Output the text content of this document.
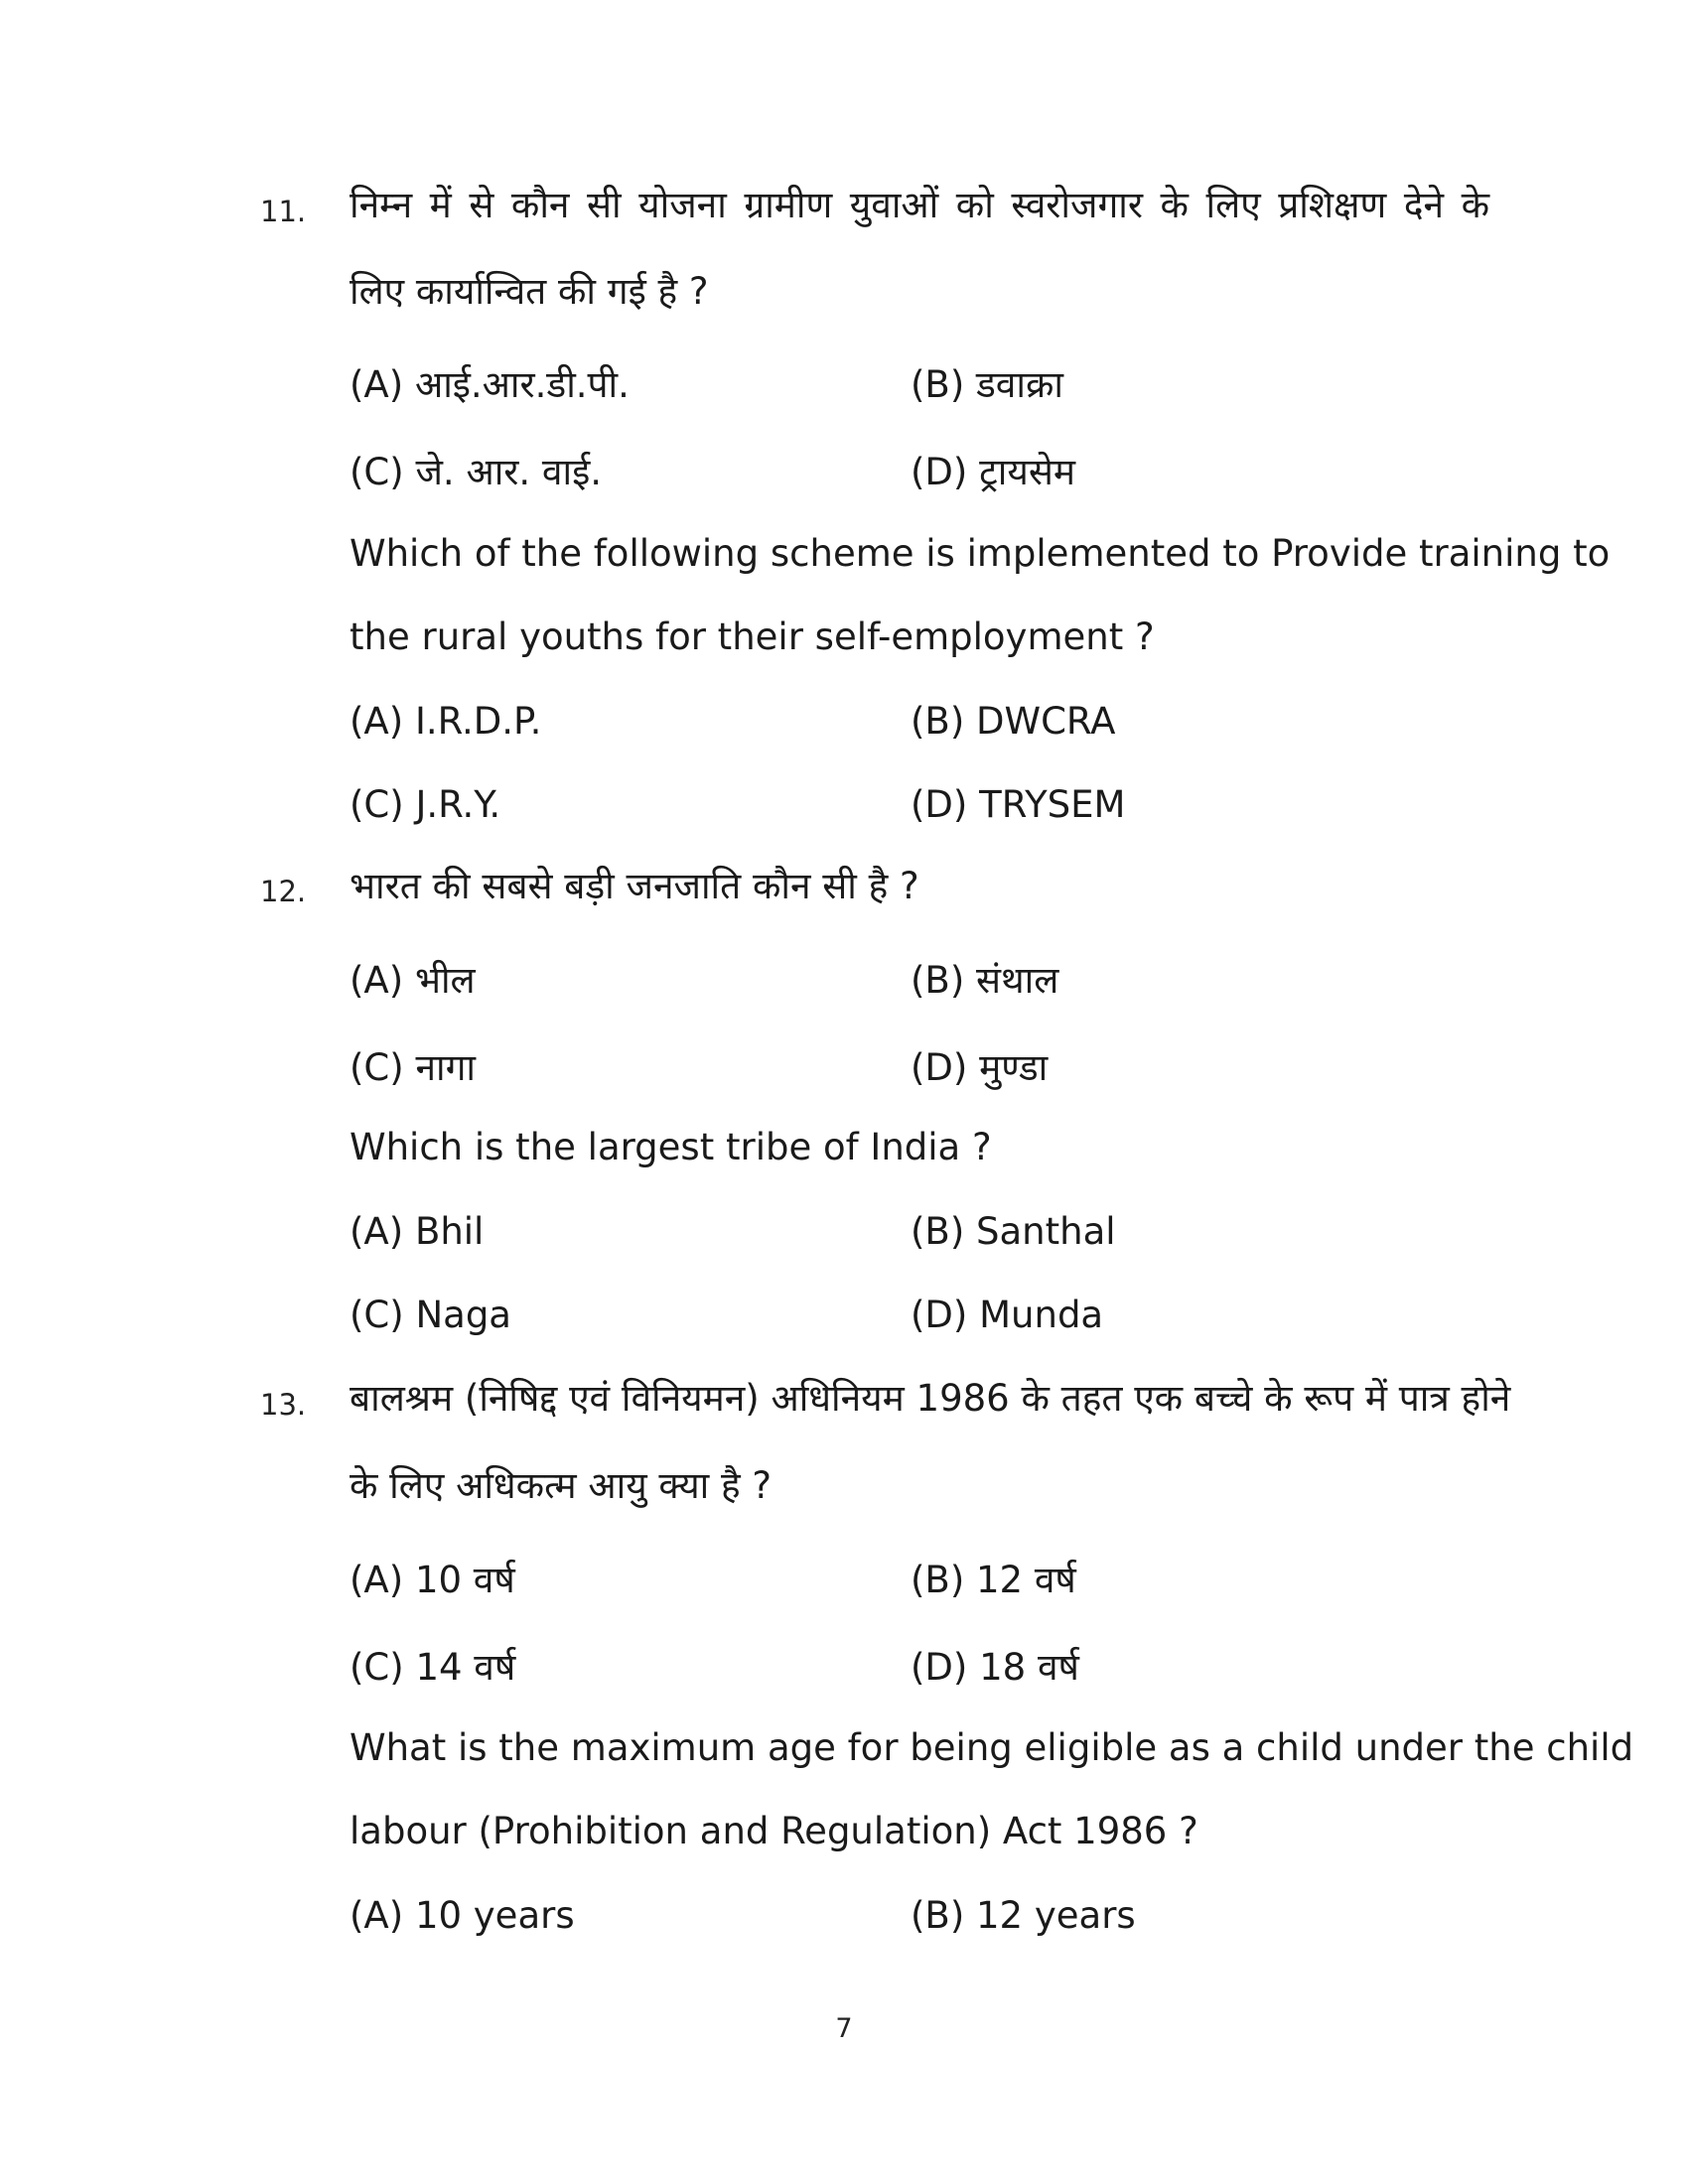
11.	निम्न में से कौन सी योजना ग्रामीण युवाओं को स्वरोजगार के लिए प्रशिक्षण देने के
लिए कार्यान्वित की गई है ?
(A) आई.आर.डी.पी.	(B) डवाक्रा
(C) जे. आर. वाई.	(D) ट्रायसेम
Which of the following scheme is implemented to Provide training to
the rural youths for their self-employment ?
(A) I.R.D.P.	(B) DWCRA
(C) J.R.Y.	(D) TRYSEM
12.	भारत की सबसे बड़ी जनजाति कौन सी है ?
(A) भील	(B) संथाल
(C) नागा	(D) मुण्डा
Which is the largest tribe of India ?
(A) Bhil	(B) Santhal
(C) Naga	(D) Munda
13.	बालश्रम (निषिद्द एवं विनियमन) अधिनियम 1986 के तहत एक बच्चे के रूप में पात्र होने
के लिए अधिकत्म आयु क्या है ?
(A) 10 वर्ष	(B) 12 वर्ष
(C) 14 वर्ष	(D) 18 वर्ष
What is the maximum age for being eligible as a child under the child
labour (Prohibition and Regulation) Act 1986 ?
(A) 10 years	(B) 12 years
7
